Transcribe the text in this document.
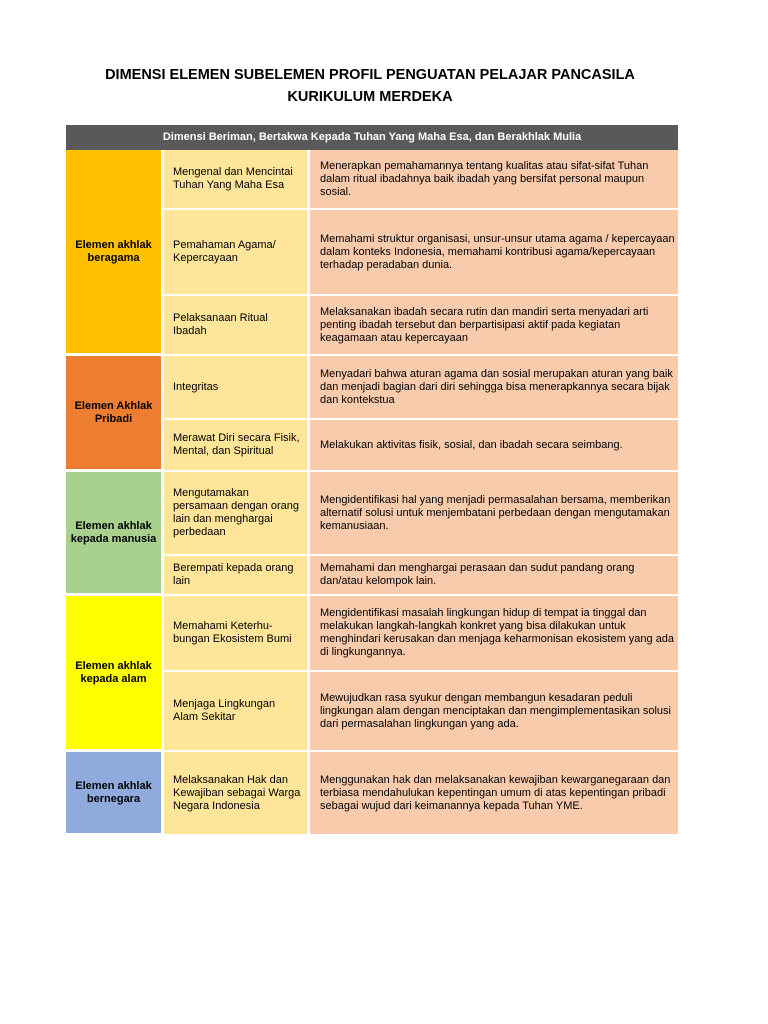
DIMENSI ELEMEN SUBELEMEN PROFIL PENGUATAN PELAJAR PANCASILA
KURIKULUM MERDEKA
Dimensi Beriman, Bertakwa Kepada Tuhan Yang Maha Esa, dan Berakhlak Mulia		
Elemen akhlak beragama	Mengenal dan Mencintai Tuhan Yang Maha Esa	Menerapkan pemahamannya tentang kualitas atau sifat-sifat Tuhan dalam ritual ibadahnya baik ibadah yang bersifat personal maupun sosial.
	Pemahaman Agama/ Kepercayaan	Memahami struktur organisasi, unsur-unsur utama agama / kepercayaan dalam konteks Indonesia, memahami kontribusi agama/kepercayaan terhadap peradaban dunia.
	Pelaksanaan Ritual Ibadah	Melaksanakan ibadah secara rutin dan mandiri serta menyadari arti penting ibadah tersebut dan berpartisipasi aktif pada kegiatan keagamaan atau kepercayaan
Elemen Akhlak Pribadi	Integritas	Menyadari bahwa aturan agama dan sosial merupakan aturan yang baik dan menjadi bagian dari diri sehingga bisa menerapkannya secara bijak dan kontekstua
	Merawat Diri secara Fisik, Mental, dan Spiritual	Melakukan aktivitas fisik, sosial, dan ibadah secara seimbang.
Elemen akhlak kepada manusia	Mengutamakan persamaan dengan orang lain dan menghargai perbedaan	Mengidentifikasi hal yang menjadi permasalahan bersama, memberikan alternatif solusi untuk menjembatani perbedaan dengan mengutamakan kemanusiaan.
	Berempati kepada orang lain	Memahami dan menghargai perasaan dan sudut pandang orang dan/atau kelompok lain.
Elemen akhlak kepada alam	Memahami Keterhu-bungan Ekosistem Bumi	Mengidentifikasi masalah lingkungan hidup di tempat ia tinggal dan melakukan langkah-langkah konkret yang bisa dilakukan untuk menghindari kerusakan dan menjaga keharmonisan ekosistem yang ada di lingkungannya.
	Menjaga Lingkungan Alam Sekitar	Mewujudkan rasa syukur dengan membangun kesadaran peduli lingkungan alam dengan menciptakan dan mengimplementasikan solusi dari permasalahan lingkungan yang ada.
Elemen akhlak bernegara	Melaksanakan Hak dan Kewajiban sebagai Warga Negara Indonesia	Menggunakan hak dan melaksanakan kewajiban kewarganegaraan dan terbiasa mendahulukan kepentingan umum di atas kepentingan pribadi sebagai wujud dari keimanannya kepada Tuhan YME.
